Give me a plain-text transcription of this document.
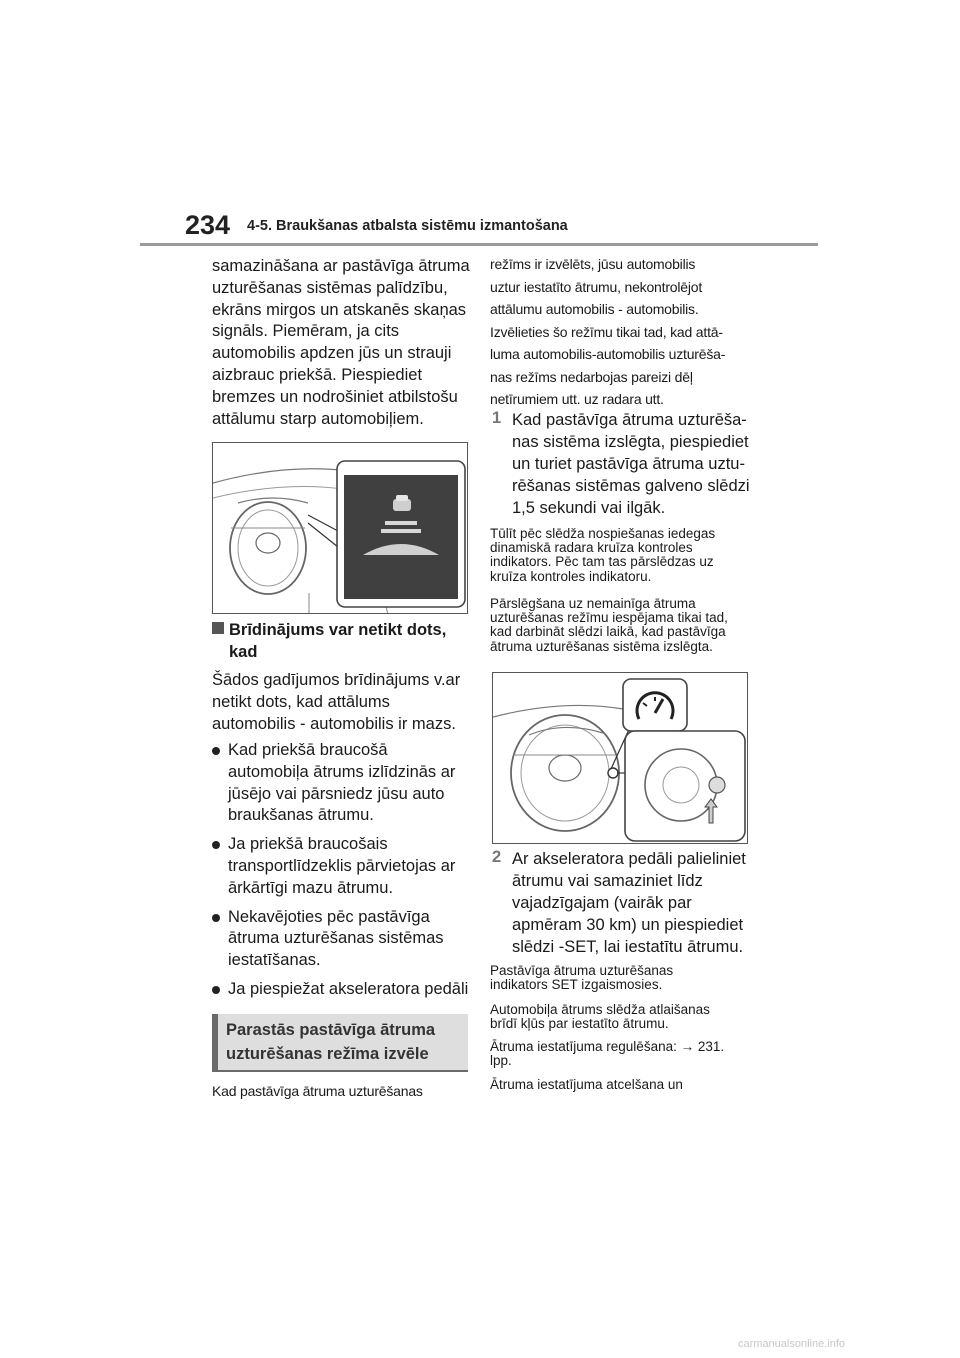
234 4-5. Braukšanas atbalsta sistēmu izmantošana

samazināšana ar pastāvīga ātruma

uzturēšanas sistēmas palīdzību,

ekrāns mirgos un atskanēs skaņas

signāls. Piemēram, ja cits

automobilis apdzen jūs un strauji

aizbrauc priekšā. Piespiediet

bremzes un nodrošiniet atbilstošu

attālumu starp automobiļiem.

Brīdinājums var netikt dots,
kad

Šādos gadījumos brīdinājums v.ar

netikt dots, kad attālums

automobilis - automobilis ir mazs.

Kad priekšā braucošā
automobiļa ātrums izlīdzinās ar
jūsējo vai pārsniedz jūsu auto
braukšanas ātrumu.
Ja priekšā braucošais
transportlīdzeklis pārvietojas ar
ārkārtīgi mazu ātrumu.
Nekavējoties pēc pastāvīga
ātruma uzturēšanas sistēmas
iestatīšanas.
Ja piespiežat akseleratora pedāli

Parastās pastāvīga ātruma

uzturēšanas režīma izvēle

Kad pastāvīga ātruma uzturēšanas

režīms ir izvēlēts, jūsu automobilis

uztur iestatīto ātrumu, nekontrolējot

attālumu automobilis - automobilis.

Izvēlieties šo režīmu tikai tad, kad attā-

luma automobilis-automobilis uzturēša-

nas režīms nedarbojas pareizi dēļ

netīrumiem utt. uz radara utt.

1 Kad pastāvīga ātruma uzturēša-
nas sistēma izslēgta, piespiediet
un turiet pastāvīga ātruma uztu-
rēšanas sistēmas galveno slēdzi
1,5 sekundi vai ilgāk.

Tūlīt pēc slēdža nospiešanas iedegas

dinamiskā radara kruīza kontroles

indikators. Pēc tam tas pārslēdzas uz

kruīza kontroles indikatoru.

Pārslēgšana uz nemainīga ātruma

uzturēšanas režīmu iespējama tikai tad,

kad darbināt slēdzi laikā, kad pastāvīga

ātruma uzturēšanas sistēma izslēgta.

2 Ar akseleratora pedāli palieliniet
ātrumu vai samaziniet līdz
vajadzīgajam (vairāk par
apmēram 30 km) un piespiediet
slēdzi -SET, lai iestatītu ātrumu.

Pastāvīga ātruma uzturēšanas

indikators SET izgaismosies.

Automobiļa ātrums slēdža atlaišanas

brīdī kļūs par iestatīto ātrumu.

Ātruma iestatījuma regulēšana: → 231.

lpp.

Ātruma iestatījuma atcelšana un

carmanualsonline.info
